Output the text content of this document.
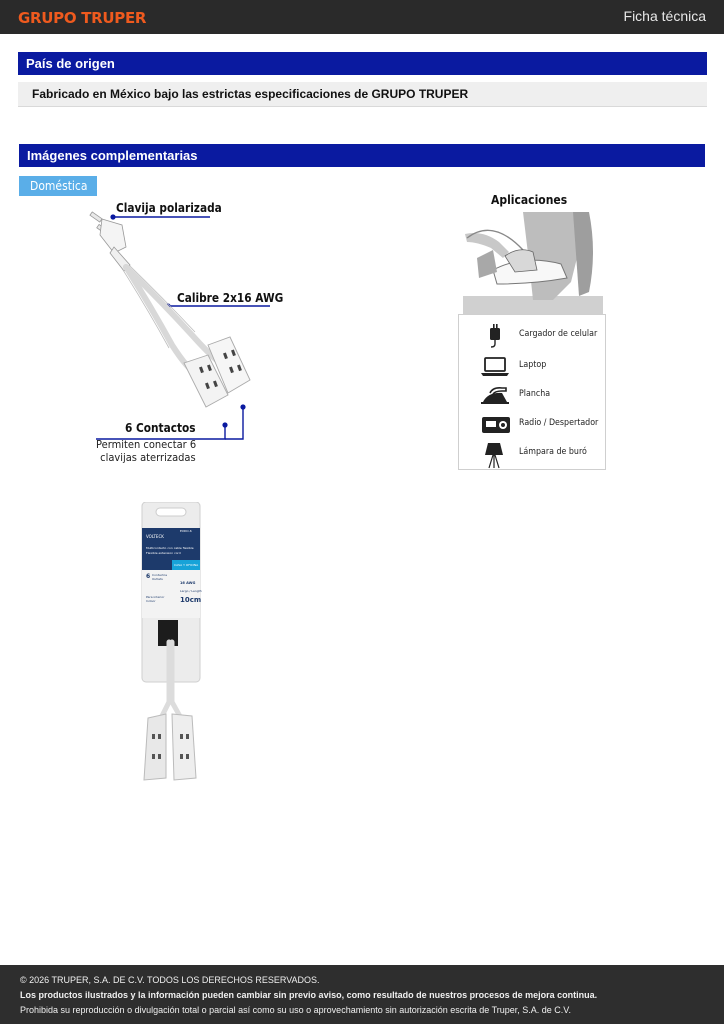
GRUPO TRUPER	Ficha técnica
País de origen
Fabricado en México bajo las estrictas especificaciones de GRUPO TRUPER
Imágenes complementarias
Doméstica
Clavija polarizada
Calibre 2x16 AWG
6 Contactos
Permiten conectar 6
clavijas aterrizadas
Aplicaciones
Cargador de celular
Laptop
Plancha
Radio / Despertador
Lámpara de buró
VOLTECK
EXDO-6
Multicontacto con cable flexible
Flexible extension cord
CASA Y OFICINA
6 Contactos
Outlets
16 AWG
Largo / Length
10cm
Para interior
Indoor
© 2026 TRUPER, S.A. DE C.V. TODOS LOS DERECHOS RESERVADOS.
Los productos ilustrados y la información pueden cambiar sin previo aviso, como resultado de nuestros procesos de mejora continua.
Prohibida su reproducción o divulgación total o parcial así como su uso o aprovechamiento sin autorización escrita de Truper, S.A. de C.V.
